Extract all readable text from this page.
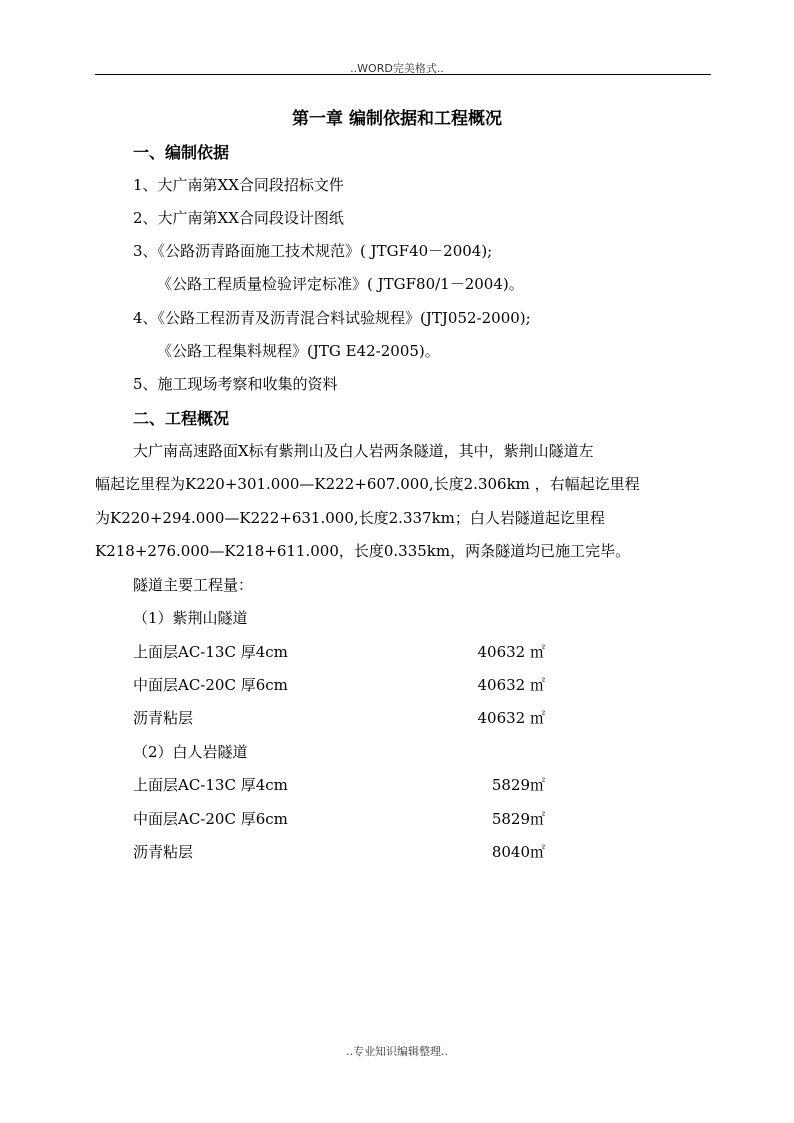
..WORD完美格式..
第一章 编制依据和工程概况
一、编制依据
1、大广南第XX合同段招标文件
2、大广南第XX合同段设计图纸
3、《公路沥青路面施工技术规范》( JTGF40－2004);
《公路工程质量检验评定标准》( JTGF80/1－2004)。
4、《公路工程沥青及沥青混合料试验规程》(JTJ052-2000);
《公路工程集料规程》(JTG E42-2005)。
5、施工现场考察和收集的资料
二、工程概况
大广南高速路面X标有紫荆山及白人岩两条隧道，其中，紫荆山隧道左
幅起讫里程为K220+301.000—K222+607.000,长度2.306km ，右幅起讫里程
为K220+294.000—K222+631.000,长度2.337km；白人岩隧道起讫里程
K218+276.000—K218+611.000，长度0.335km，两条隧道均已施工完毕。
隧道主要工程量：
（1）紫荆山隧道
上面层AC-13C 厚4cm	40632 ㎡
中面层AC-20C 厚6cm	40632 ㎡
沥青粘层	40632 ㎡
（2）白人岩隧道
上面层AC-13C 厚4cm	5829㎡
中面层AC-20C 厚6cm	5829㎡
沥青粘层	8040㎡
..专业知识编辑整理..
